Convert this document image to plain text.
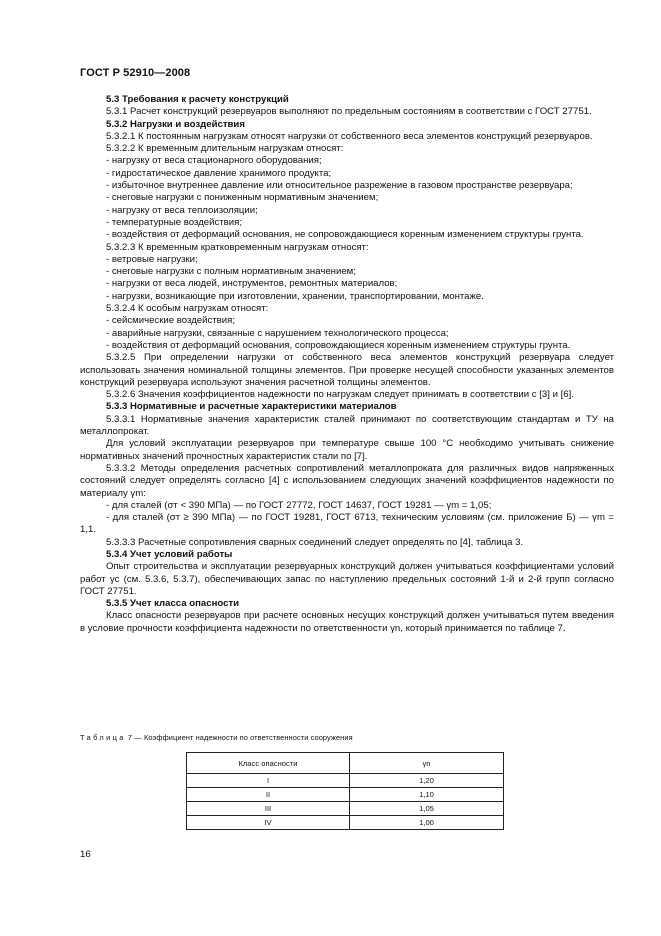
ГОСТ Р 52910—2008

5.3 Требования к расчету конструкций

5.3.1 Расчет конструкций резервуаров выполняют по предельным состояниям в соответствии с ГОСТ 27751.

5.3.2 Нагрузки и воздействия

5.3.2.1 К постоянным нагрузкам относят нагрузки от собственного веса элементов конструкций резервуаров.

5.3.2.2 К временным длительным нагрузкам относят:

- нагрузку от веса стационарного оборудования;

- гидростатическое давление хранимого продукта;

- избыточное внутреннее давление или относительное разрежение в газовом пространстве резервуара;

- снеговые нагрузки с пониженным нормативным значением;

- нагрузку от веса теплоизоляции;

- температурные воздействия;

- воздействия от деформаций основания, не сопровождающиеся коренным изменением структуры грунта.

5.3.2.3 К временным кратковременным нагрузкам относят:

- ветровые нагрузки;

- снеговые нагрузки с полным нормативным значением;

- нагрузки от веса людей, инструментов, ремонтных материалов;

- нагрузки, возникающие при изготовлении, хранении, транспортировании, монтаже.

5.3.2.4 К особым нагрузкам относят:

- сейсмические воздействия;

- аварийные нагрузки, связанные с нарушением технологического процесса;

- воздействия от деформаций основания, сопровождающиеся коренным изменением структуры грунта.

5.3.2.5 При определении нагрузки от собственного веса элементов конструкций резервуара следует использовать значения номинальной толщины элементов. При проверке несущей способности указанных элементов конструкций резервуара используют значения расчетной толщины элементов.

5.3.2.6 Значения коэффициентов надежности по нагрузкам следует принимать в соответствии с [3] и [6].

5.3.3 Нормативные и расчетные характеристики материалов

5.3.3.1 Нормативные значения характеристик сталей принимают по соответствующим стандартам и ТУ на металлопрокат.

Для условий эксплуатации резервуаров при температуре свыше 100 °С необходимо учитывать снижение нормативных значений прочностных характеристик стали по [7].

5.3.3.2 Методы определения расчетных сопротивлений металлопроката для различных видов напряженных состояний следует определять согласно [4] с использованием следующих значений коэффициентов надежности по материалу γm:

- для сталей (σт < 390 МПа) — по ГОСТ 27772, ГОСТ 14637, ГОСТ 19281 — γm = 1,05;

- для сталей (σт ≥ 390 МПа) — по ГОСТ 19281, ГОСТ 6713, техническим условиям (см. приложение Б) — γm = 1,1.

5.3.3.3 Расчетные сопротивления сварных соединений следует определять по [4], таблица 3.

5.3.4 Учет условий работы

Опыт строительства и эксплуатации резервуарных конструкций должен учитываться коэффициентами условий работ γс (см. 5.3.6, 5.3.7), обеспечивающих запас по наступлению предельных состояний 1-й и 2-й групп согласно ГОСТ 27751.

5.3.5 Учет класса опасности

Класс опасности резервуаров при расчете основных несущих конструкций должен учитываться путем введения в условие прочности коэффициента надежности по ответственности γn, который принимается по таблице 7.

Таблица 7 — Коэффициент надежности по ответственности сооружения
Класс опасности	γn
I	1,20
II	1,10
III	1,05
IV	1,00
16
